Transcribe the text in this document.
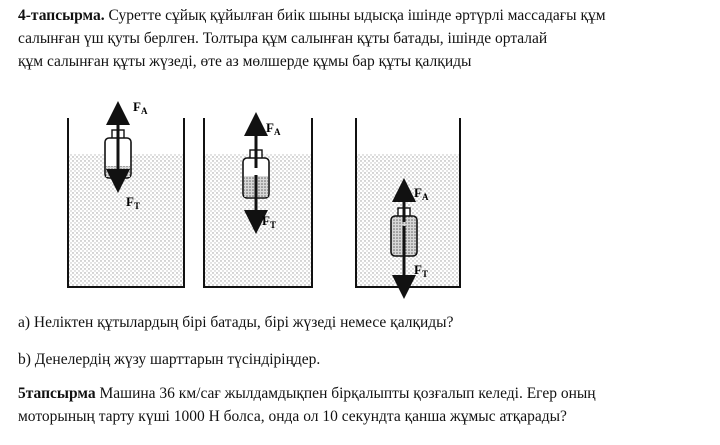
4-тапсырма. Суретте сұйық құйылған биік шыны ыдысқа ішінде әртүрлі массадағы құм
салынған үш қуты берлген. Толтыра құм салынған құты батады, ішінде орталай
құм салынған құты жүзеді, өте аз мөлшерде құмы бар құты қалқиды
$F_A$
$F_T$
$F_A$
$F_T$
$F_A$
$F_T$
a) Неліктен құтылардың бірі батады, бірі жүзеді немесе қалқиды?
b) Денелердің жүзу шарттарын түсіндіріңдер.
5тапсырма Машина 36 км/сағ жылдамдықпен бірқалыпты қозғалып келеді. Егер оның
моторының тарту күші 1000 Н болса, онда ол 10 секундта қанша жұмыс атқарады?
